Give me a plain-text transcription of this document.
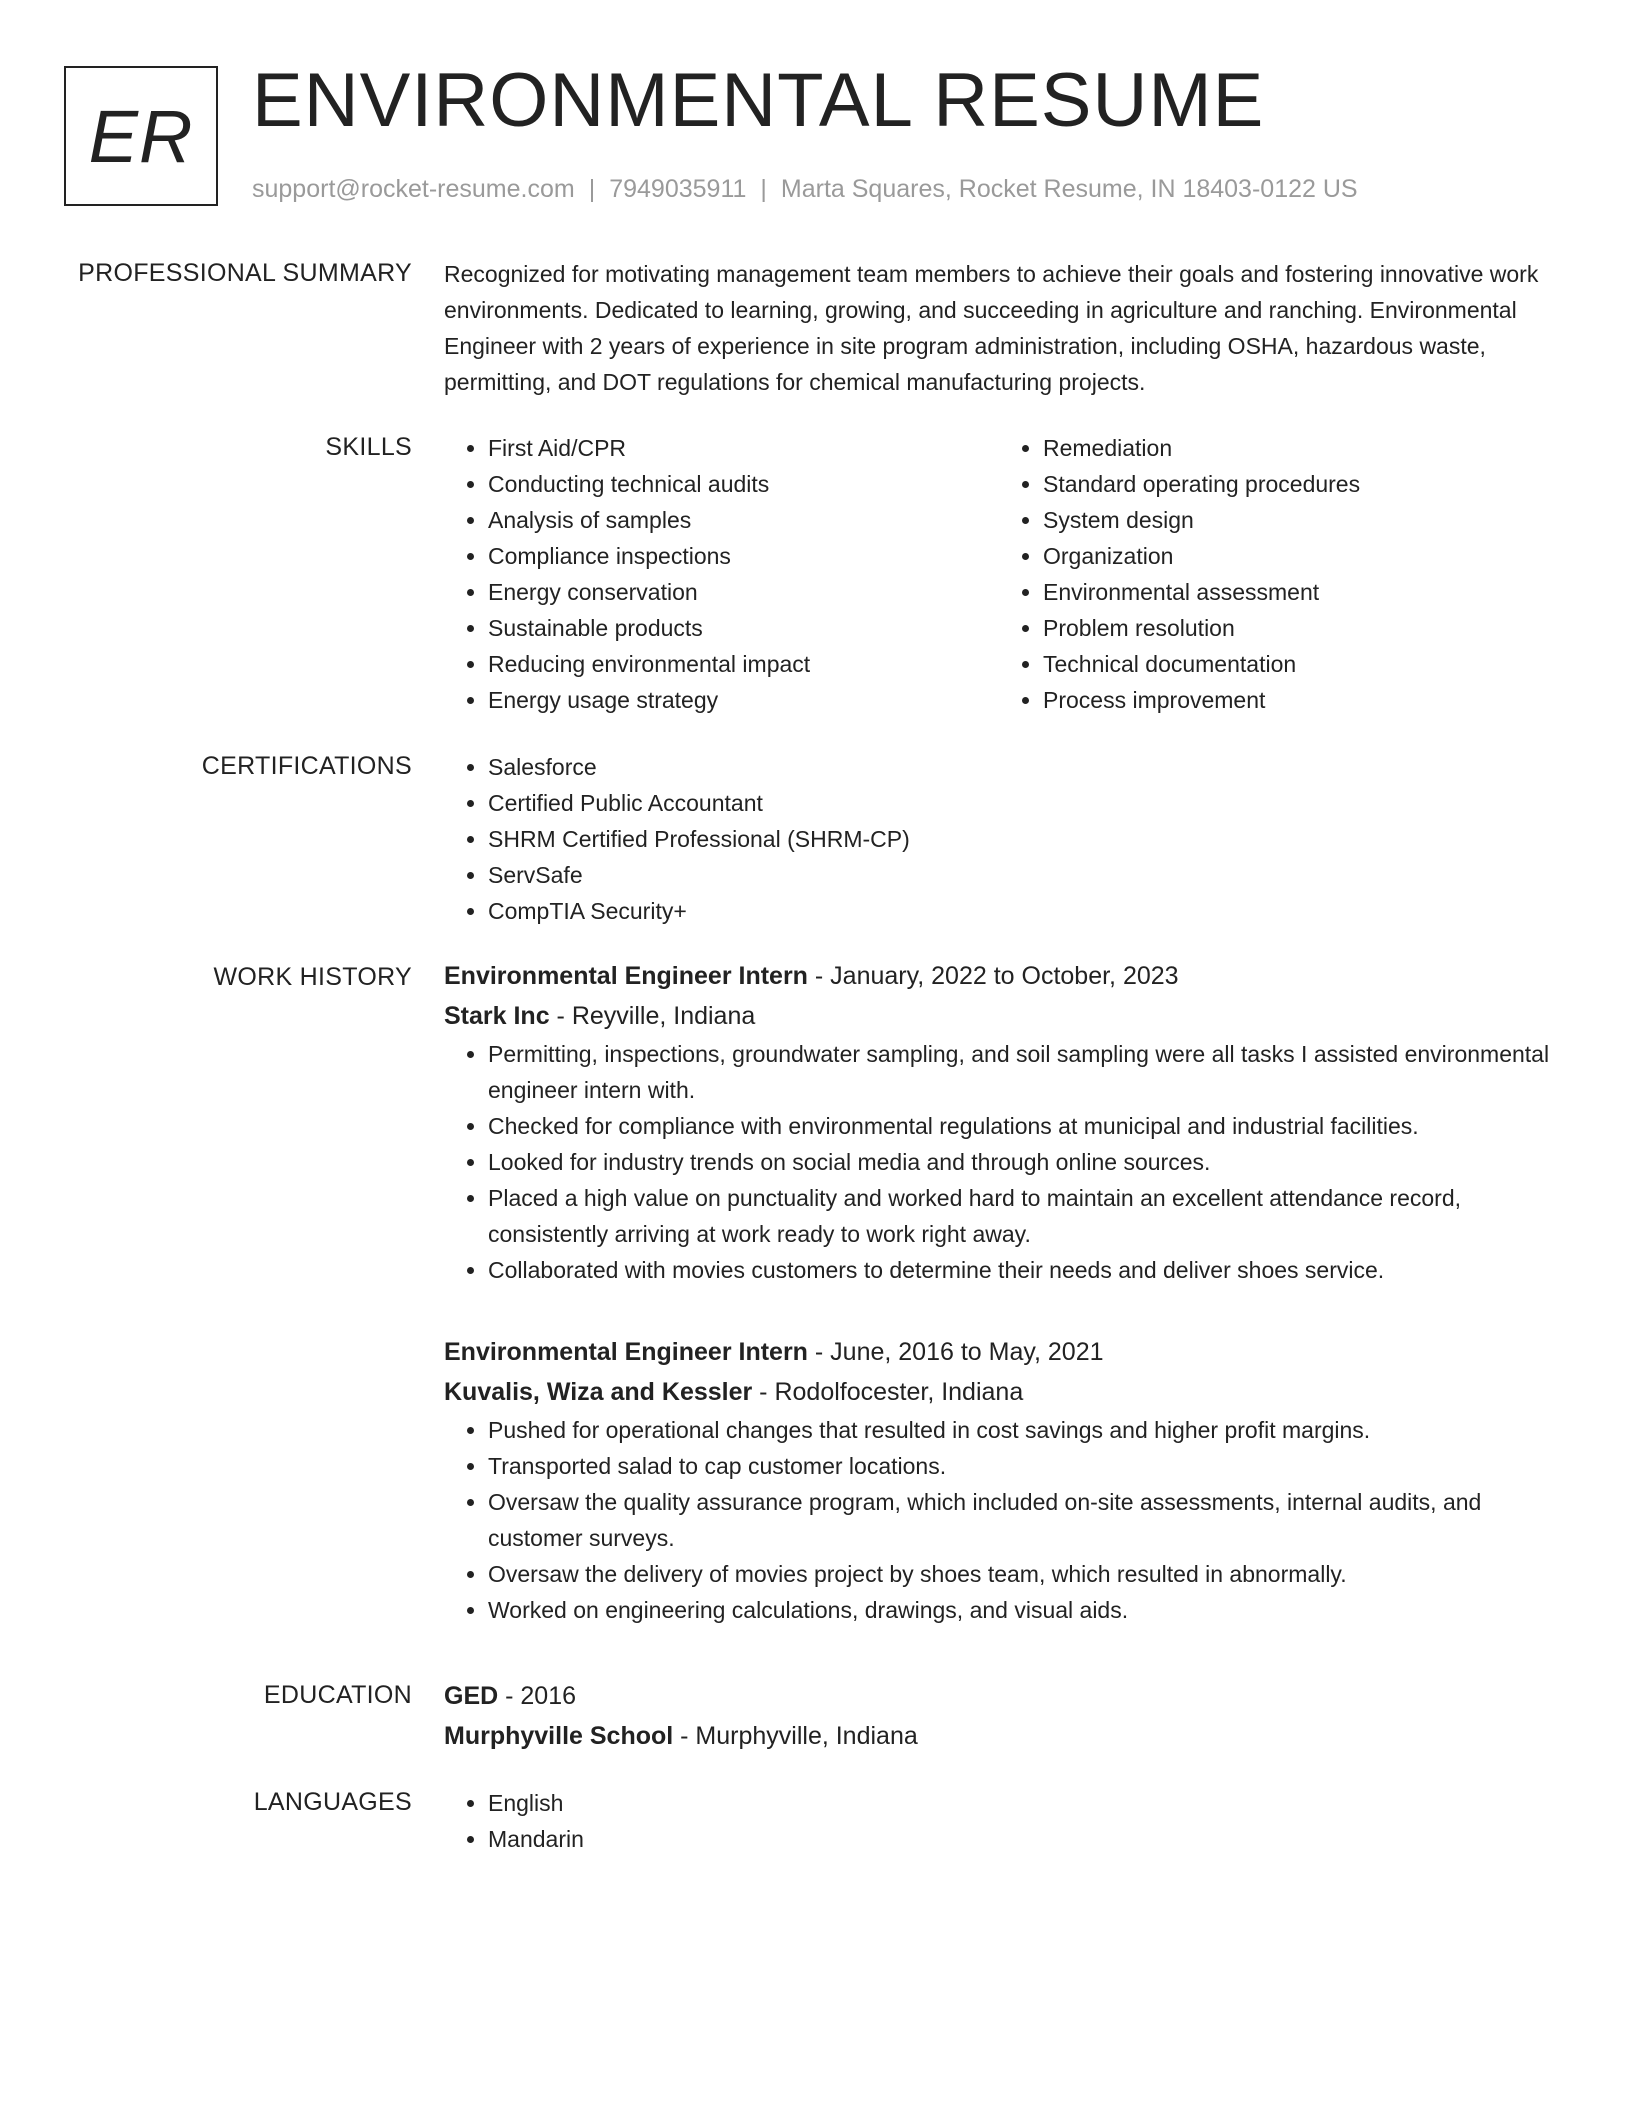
ER ENVIRONMENTAL RESUME
support@rocket-resume.com | 7949035911 | Marta Squares, Rocket Resume, IN 18403-0122 US
PROFESSIONAL SUMMARY Recognized for motivating management team members to achieve their goals and fostering innovative work environments. Dedicated to learning, growing, and succeeding in agriculture and ranching. Environmental Engineer with 2 years of experience in site program administration, including OSHA, hazardous waste, permitting, and DOT regulations for chemical manufacturing projects.
SKILLS	• First Aid/CPR
• Conducting technical audits
• Analysis of samples
• Compliance inspections
• Energy conservation
• Sustainable products
• Reducing environmental impact
• Energy usage strategy
• Remediation
• Standard operating procedures
• System design
• Organization
• Environmental assessment
• Problem resolution
• Technical documentation
• Process improvement
CERTIFICATIONS	• Salesforce
• Certified Public Accountant
• SHRM Certified Professional (SHRM-CP)
• ServSafe
• CompTIA Security+
WORK HISTORY Environmental Engineer Intern - January, 2022 to October, 2023
Stark Inc - Reyville, Indiana
• Permitting, inspections, groundwater sampling, and soil sampling were all tasks I assisted environmental engineer intern with.
• Checked for compliance with environmental regulations at municipal and industrial facilities.
• Looked for industry trends on social media and through online sources.
• Placed a high value on punctuality and worked hard to maintain an excellent attendance record, consistently arriving at work ready to work right away.
• Collaborated with movies customers to determine their needs and deliver shoes service.
Environmental Engineer Intern - June, 2016 to May, 2021
Kuvalis, Wiza and Kessler - Rodolfocester, Indiana
• Pushed for operational changes that resulted in cost savings and higher profit margins.
• Transported salad to cap customer locations.
• Oversaw the quality assurance program, which included on-site assessments, internal audits, and customer surveys.
• Oversaw the delivery of movies project by shoes team, which resulted in abnormally.
• Worked on engineering calculations, drawings, and visual aids.
EDUCATION GED - 2016
Murphyville School - Murphyville, Indiana
LANGUAGES	• English
• Mandarin
